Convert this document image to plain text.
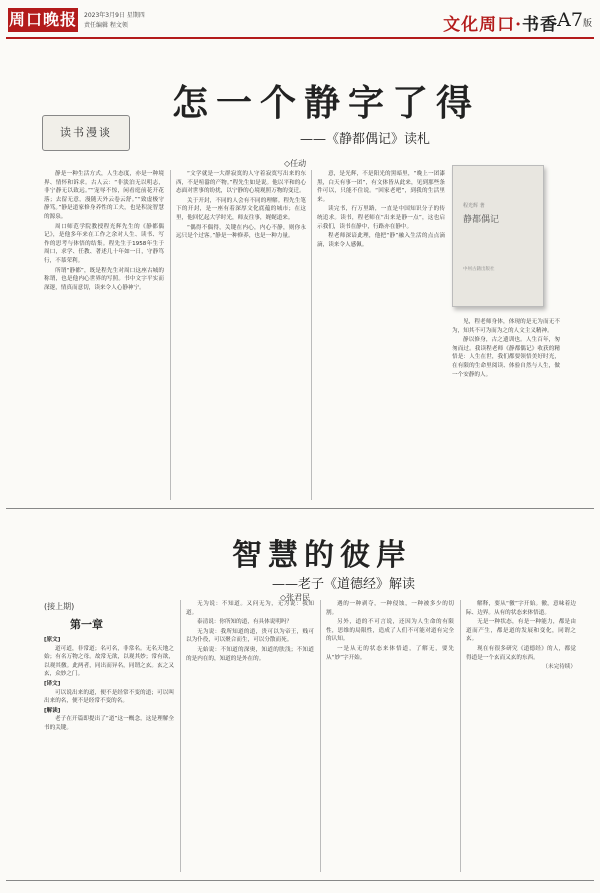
周口晚报 2023年3月9日 星期四
责任编辑 程文领	文化周口·书香 A7版
读书漫谈
怎一个静字了得
——《静都偶记》读札
◇任动

静是一种生活方式，人生态度，亦是一种境界、情怀和诉求。古人云：“非淡泊无以明志，非宁静无以致远。”“宠辱不惊，闲看庭前花开花落；去留无意，漫随天外云卷云舒。”“致虚极守静笃。”静是道家修身养性的工夫，也是积淀智慧的源泉。

周口师范学院教授程光辉先生的《静都偶记》，是他多年来在工作之余对人生、读书、写作的思考与体悟的结集。程先生于1958年生于周口，求学、任教、著述几十年如一日，守静笃行，不慕荣利。

所谓“静都”，既是程先生对周口这座古城的称谓，也是他内心世界的写照。书中文字平实而深邃，情真而意切，读来令人心静神宁。

“文学就是一大群寂寞的人守着寂寞写出来的东西，不是喧嚣的产物。”程先生如是说。他以平和的心态面对世事的纷扰，以宁静的心境观照万物的变迁。

关于开封，不同的人会有不同的理解。程先生笔下的开封，是一座有着深厚文化底蕴的城市；在这里，他回忆起大学时光，师友往事，娓娓道来。

“偶得不偶得，关键在内心，内心不静，则你永远只是个过客。”静是一种修养，也是一种力量。

意，是光辉，不是阳光的黑暗里，“晚上一团漆黑，白天有事一团”，有文体皆从此来，见到那些条件可以，只能不住说。“回家老吧”，到我的生活里来。

读完书，行万里路，一直是中国知识分子的传统追求。读书，程老师在“出来是静一点”，这也启示我们，读书在静中，行路亦在静中。

程老师深谙此理，他把“静”融入生活的点点滴滴，读来令人感佩。

程光辉 著
静都偶记
中州古籍出版社

见，程老师身体，体现的是无为而无不为，知其不可为而为之的人文主义精神。

静以修身，古之遗训也。人生百年，匆匆而过。我读程老师《静都偶记》收获的精悟是：人生在世，我们都要领悟美好时光，在有限的生命里阅读、体验自然与人生，做一个安静的人。

智慧的彼岸
——老子《道德经》解读
◇张君民
(接上期)
第一章
[原文]

道可道，非常道；名可名，非常名。无名天地之始；有名万物之母。故常无欲，以观其妙；常有欲，以观其徼。此两者，同出而异名，同谓之玄。玄之又玄，众妙之门。

[译文]

可以说出来的道，便不是经常不变的道；可以叫出来的名，便不是经常不变的名。

[解读]

老子在开篇即提出了“道”这一概念，这是理解全书的关键。

无为说：不知道。又问无为，无为说：我知道。

泰清说：你所知的道，有具体说明吗？

无为说：我所知道的道，贵可以为帝王，贱可以为仆役，可以聚合而生，可以分散而死。

无始说：不知道的深奥，知道的肤浅；不知道的是内在的，知道的是外在的。

遇的一种剥夺，一种侵蚀，一种被多少的切割。

另外，道的不可言说，还因为人生命的有限性，思维的局限性，造成了人们不可能对道有完全的认知。

一是从无的状态来体悟道，了解无，要先从“妙”字开始。

解释，要从“徼”字开始。徼，意味着边际、边界。从有的状态来体悟道。

无是一种状态，有是一种能力，都是由道而产生，都是道的发展和变化，同谓之玄。

现在有很多研究《道德经》的人，都觉得道是一个玄而又玄的东西。

（未完待续）
